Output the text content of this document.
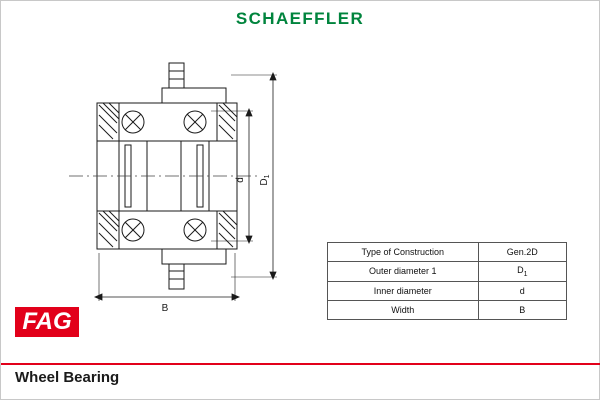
SCHAEFFLER
d $D_1$
B
Type of Construction	Gen.2D
Outer diameter 1	$D_1$
Inner diameter	d
Width	B
FAG
Wheel Bearing
